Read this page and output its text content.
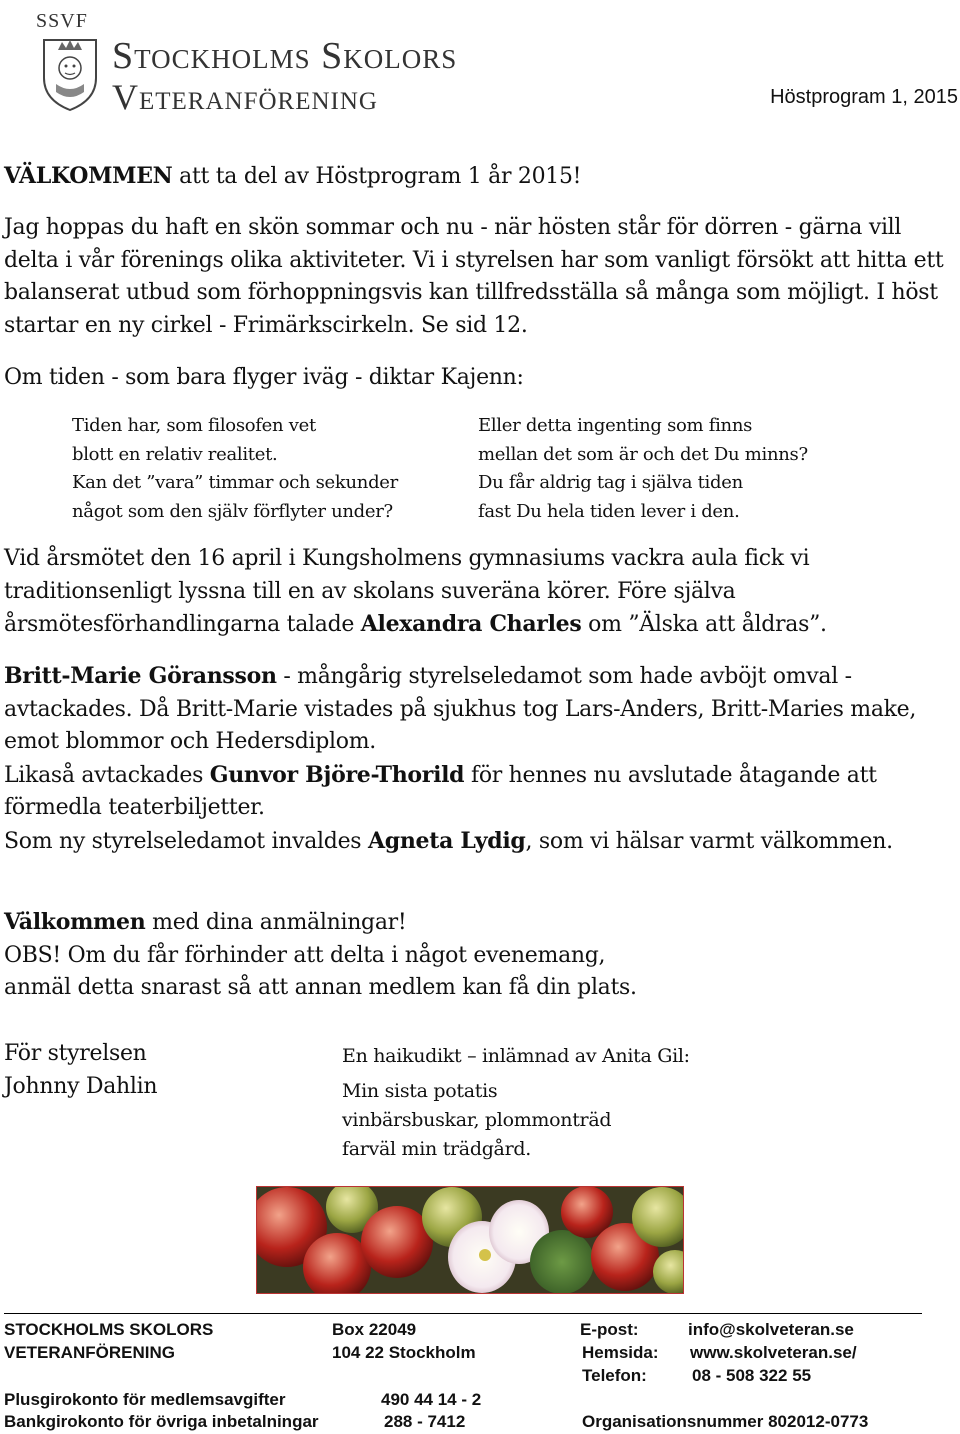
SSVF
Stockholms Skolors
Veteranförening	Höstprogram 1, 2015
VÄLKOMMEN att ta del av Höstprogram 1 år 2015!
Jag hoppas du haft en skön sommar och nu - när hösten står för dörren - gärna vill delta i vår förenings olika aktiviteter. Vi i styrelsen har som vanligt försökt att hitta ett balanserat utbud som förhoppningsvis kan tillfredsställa så många som möjligt. I höst startar en ny cirkel - Frimärkscirkeln. Se sid 12.
Om tiden - som bara flyger iväg - diktar Kajenn:
Tiden har, som filosofen vet
blott en relativ realitet.
Kan det ”vara” timmar och sekunder
något som den själv förflyter under?
Eller detta ingenting som finns
mellan det som är och det Du minns?
Du får aldrig tag i själva tiden
fast Du hela tiden lever i den.
Vid årsmötet den 16 april i Kungsholmens gymnasiums vackra aula fick vi traditionsenligt lyssna till en av skolans suveräna körer. Före själva årsmötesförhandlingarna talade Alexandra Charles om ”Älska att åldras”.
Britt-Marie Göransson - mångårig styrelseledamot som hade avböjt omval - avtackades. Då Britt-Marie vistades på sjukhus tog Lars-Anders, Britt-Maries make, emot blommor och Hedersdiplom.
Likaså avtackades Gunvor Björe-Thorild för hennes nu avslutade åtagande att förmedla teaterbiljetter.
Som ny styrelseledamot invaldes Agneta Lydig, som vi hälsar varmt välkommen.
Välkommen med dina anmälningar!
OBS! Om du får förhinder att delta i något evenemang,
anmäl detta snarast så att annan medlem kan få din plats.
För styrelsen
Johnny Dahlin
En haikudikt – inlämnad av Anita Gil:
Min sista potatis
vinbärsbuskar, plommonträd
farväl min trädgård.
STOCKHOLMS SKOLORS
VETERANFÖRENING
Box 22049
104 22 Stockholm
E-post:	info@skolveteran.se
Hemsida: www.skolveteran.se/
Telefon:	08 - 508 322 55
Plusgirokonto för medlemsavgifter	490 44 14 - 2
Bankgirokonto för övriga inbetalningar	288 - 7412	Organisationsnummer 802012-0773
